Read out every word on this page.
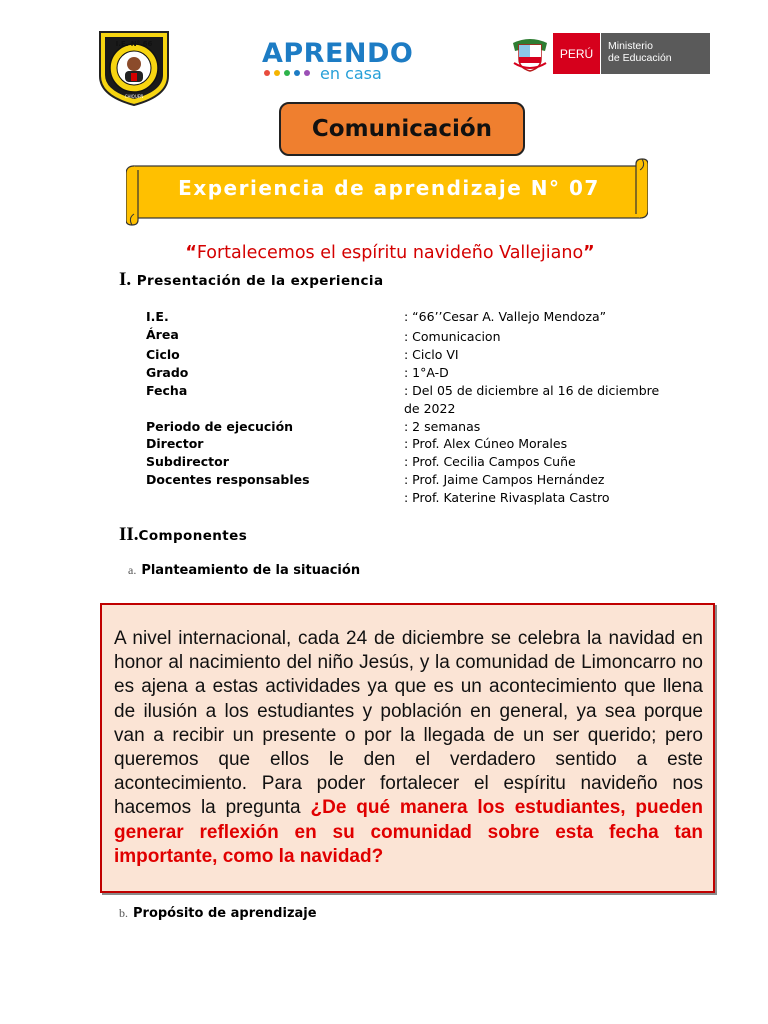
I.E. N° 66
CHIQUEÑ
APRENDO
en casa
PERÚ
Ministerio
de Educación
Comunicación
Experiencia de aprendizaje N° 07
“Fortalecemos el espíritu navideño Vallejiano”
I. Presentación de la experiencia
I.E.	: “66’’Cesar A. Vallejo Mendoza”
Área	: Comunicacion
Ciclo	: Ciclo VI
Grado	: 1°A-D
Fecha	: Del 05 de diciembre al 16 de diciembre
de 2022
Periodo de ejecución	: 2 semanas
Director	: Prof. Alex Cúneo Morales
Subdirector	: Prof. Cecilia Campos Cuñe
Docentes responsables	: Prof. Jaime Campos Hernández
: Prof. Katerine Rivasplata Castro
II.Componentes
a. Planteamiento de la situación
A nivel internacional, cada 24 de diciembre se celebra la navidad en honor al nacimiento del niño Jesús, y la comunidad de Limoncarro no es ajena a estas actividades ya que es un acontecimiento que llena de ilusión a los estudiantes y población en general, ya sea porque van a recibir un presente o por la llegada de un ser querido; pero queremos que ellos le den el verdadero sentido a este acontecimiento. Para poder fortalecer el espíritu navideño nos hacemos la pregunta ¿De qué manera los estudiantes, pueden generar reflexión en su comunidad sobre esta fecha tan importante, como la navidad?
b. Propósito de aprendizaje
